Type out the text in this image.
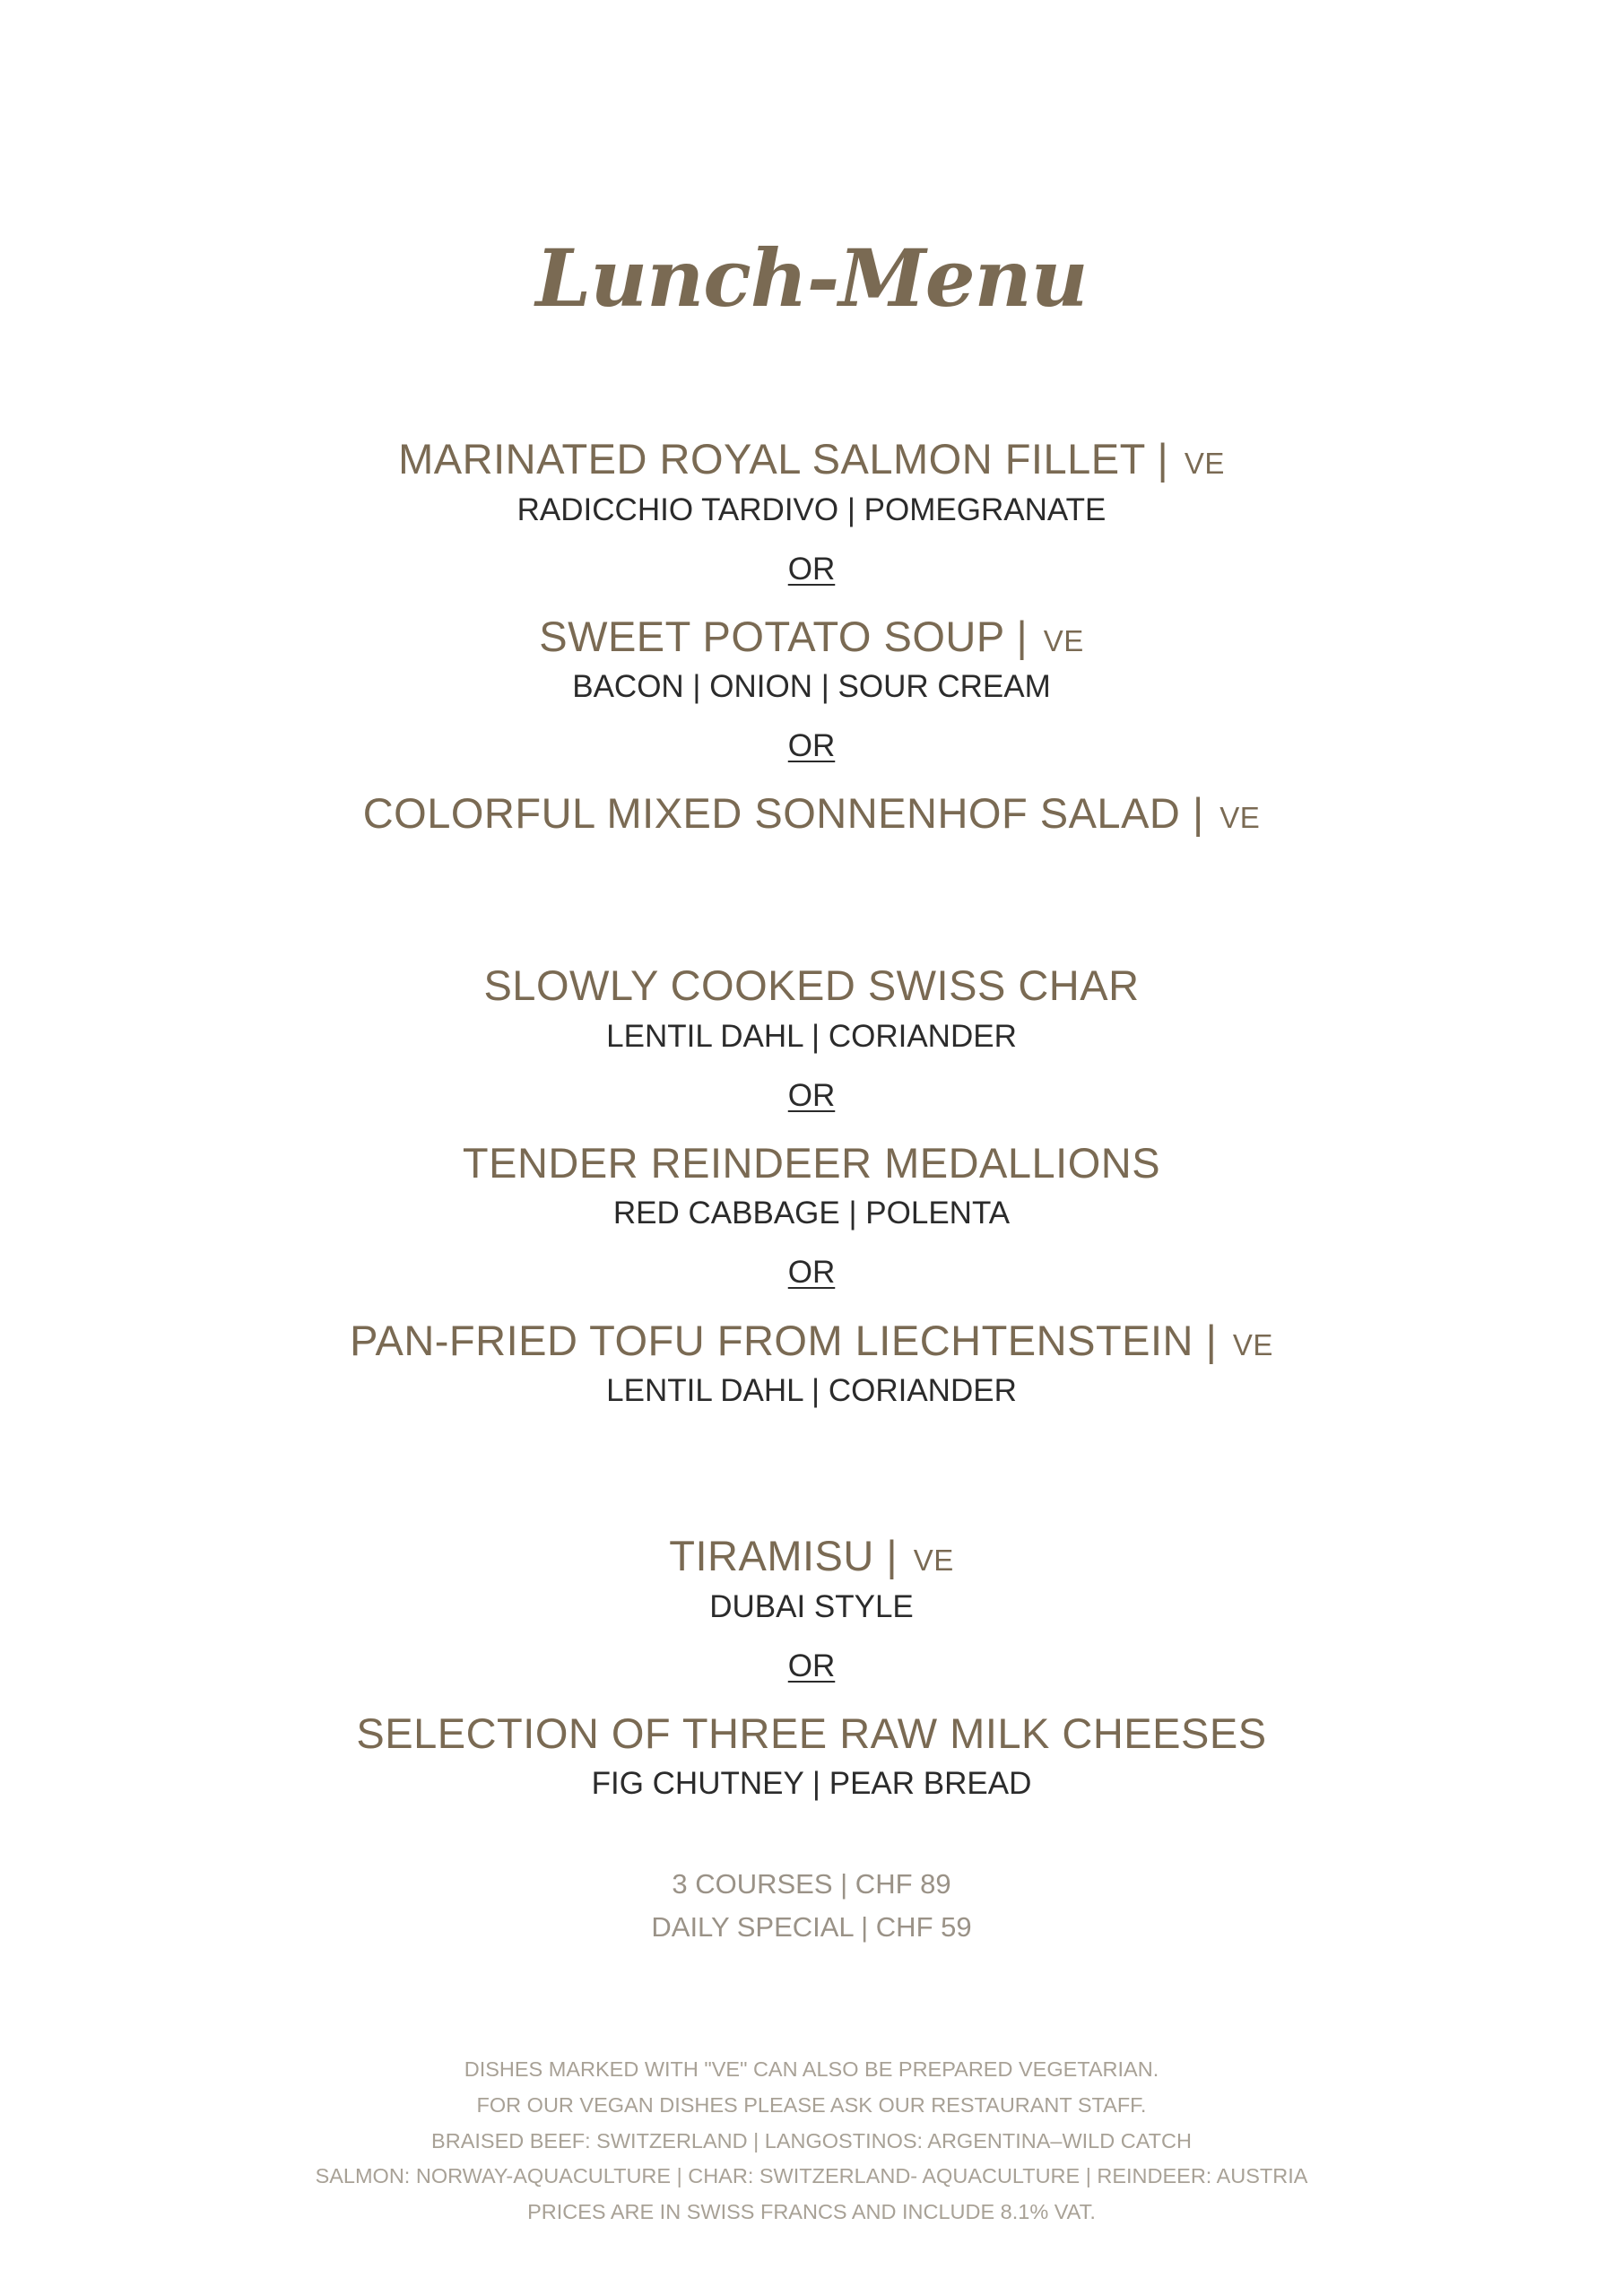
Lunch-Menu
MARINATED ROYAL SALMON FILLET | VE
RADICCHIO TARDIVO | POMEGRANATE
OR
SWEET POTATO SOUP | VE
BACON | ONION | SOUR CREAM
OR
COLORFUL MIXED SONNENHOF SALAD | VE
SLOWLY COOKED SWISS CHAR
LENTIL DAHL | CORIANDER
OR
TENDER REINDEER MEDALLIONS
RED CABBAGE | POLENTA
OR
PAN-FRIED TOFU FROM LIECHTENSTEIN | VE
LENTIL DAHL | CORIANDER
TIRAMISU | VE
DUBAI STYLE
OR
SELECTION OF THREE RAW MILK CHEESES
FIG CHUTNEY | PEAR BREAD
3 COURSES | CHF 89
DAILY SPECIAL | CHF 59
DISHES MARKED WITH "VE" CAN ALSO BE PREPARED VEGETARIAN.
FOR OUR VEGAN DISHES PLEASE ASK OUR RESTAURANT STAFF.
BRAISED BEEF: SWITZERLAND | LANGOSTINOS: ARGENTINA–WILD CATCH
SALMON: NORWAY-AQUACULTURE | CHAR: SWITZERLAND- AQUACULTURE | REINDEER: AUSTRIA
PRICES ARE IN SWISS FRANCS AND INCLUDE 8.1% VAT.
